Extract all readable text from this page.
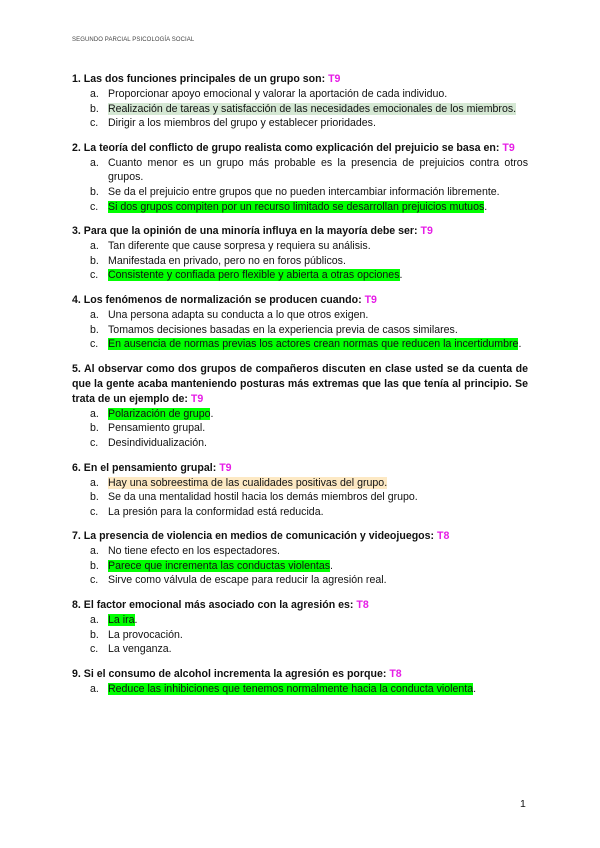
SEGUNDO PARCIAL PSICOLOGÍA SOCIAL

1. Las dos funciones principales de un grupo son: T9

a. Proporcionar apoyo emocional y valorar la aportación de cada individuo.
b. Realización de tareas y satisfacción de las necesidades emocionales de los miembros.
c. Dirigir a los miembros del grupo y establecer prioridades.

2. La teoría del conflicto de grupo realista como explicación del prejuicio se basa en: T9

a. Cuanto menor es un grupo más probable es la presencia de prejuicios contra otros grupos.
b. Se da el prejuicio entre grupos que no pueden intercambiar información libremente.
c. Si dos grupos compiten por un recurso limitado se desarrollan prejuicios mutuos.

3. Para que la opinión de una minoría influya en la mayoría debe ser: T9

a. Tan diferente que cause sorpresa y requiera su análisis.
b. Manifestada en privado, pero no en foros públicos.
c. Consistente y confiada pero flexible y abierta a otras opciones.

4. Los fenómenos de normalización se producen cuando: T9

a. Una persona adapta su conducta a lo que otros exigen.
b. Tomamos decisiones basadas en la experiencia previa de casos similares.
c. En ausencia de normas previas los actores crean normas que reducen la incertidumbre.

5. Al observar como dos grupos de compañeros discuten en clase usted se da cuenta de que la gente acaba manteniendo posturas más extremas que las que tenía al principio. Se trata de un ejemplo de: T9

a. Polarización de grupo.
b. Pensamiento grupal.
c. Desindividualización.

6. En el pensamiento grupal: T9

a. Hay una sobreestima de las cualidades positivas del grupo.
b. Se da una mentalidad hostil hacia los demás miembros del grupo.
c. La presión para la conformidad está reducida.

7. La presencia de violencia en medios de comunicación y videojuegos: T8

a. No tiene efecto en los espectadores.
b. Parece que incrementa las conductas violentas.
c. Sirve como válvula de escape para reducir la agresión real.

8. El factor emocional más asociado con la agresión es: T8

a. La ira.
b. La provocación.
c. La venganza.

9. Si el consumo de alcohol incrementa la agresión es porque: T8

a. Reduce las inhibiciones que tenemos normalmente hacia la conducta violenta.
1
